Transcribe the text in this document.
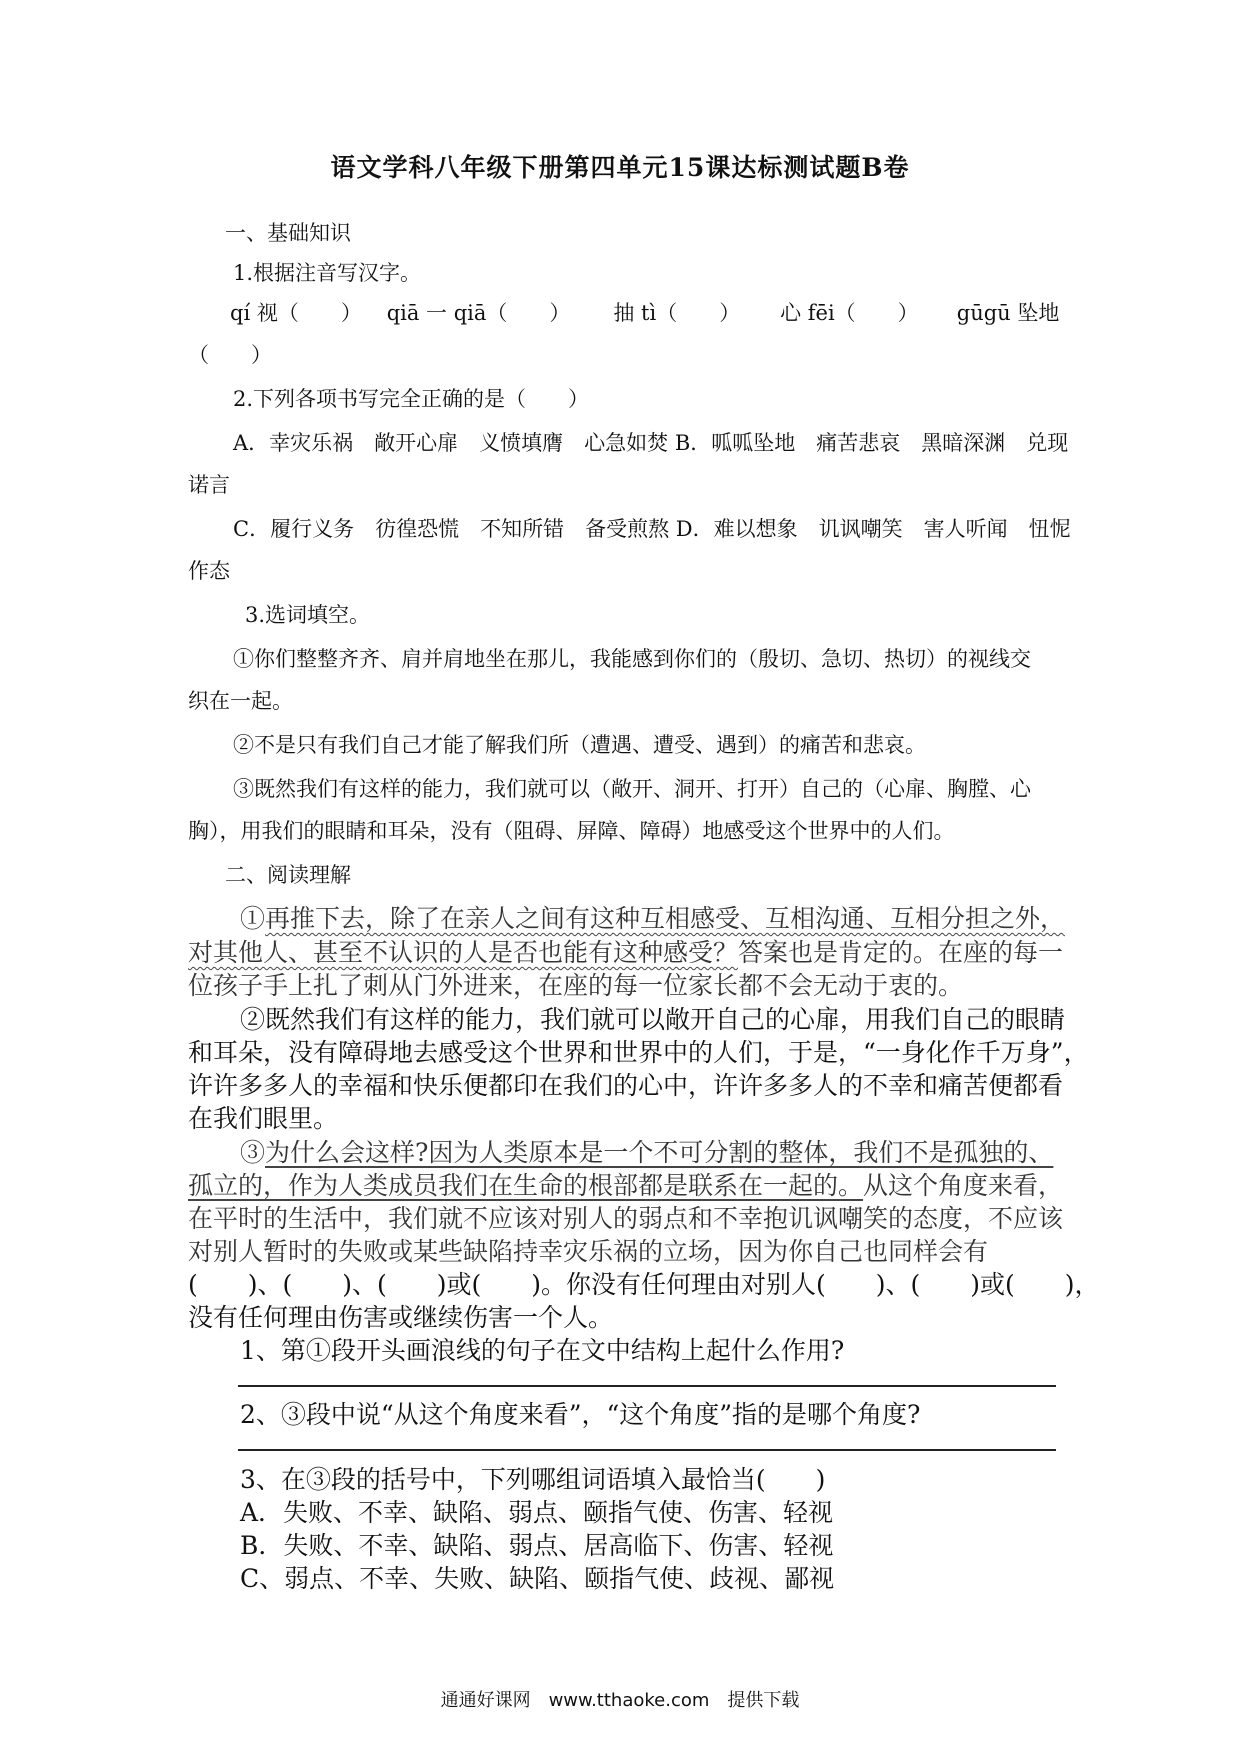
语文学科八年级下册第四单元15课达标测试题B卷
一、基础知识
1.根据注音写汉字。
qí 视（　　） qiā 一 qiā（　　） 抽 tì（　　） 心 fēi（　　） gūgū 坠地
（　　）
2.下列各项书写完全正确的是（　　）
A．幸灾乐祸　敞开心扉　义愤填膺　心急如焚 B．呱呱坠地　痛苦悲哀　黑暗深渊　兑现
诺言
C．履行义务　彷徨恐慌　不知所错　备受煎熬 D．难以想象　讥讽嘲笑　害人听闻　忸怩
作态
3.选词填空。
①你们整整齐齐、肩并肩地坐在那儿，我能感到你们的（殷切、急切、热切）的视线交
织在一起。
②不是只有我们自己才能了解我们所（遭遇、遭受、遇到）的痛苦和悲哀。
③既然我们有这样的能力，我们就可以（敞开、洞开、打开）自己的（心扉、胸膛、心
胸），用我们的眼睛和耳朵，没有（阻碍、屏障、障碍）地感受这个世界中的人们。
二、阅读理解
①再推下去，除了在亲人之间有这种互相感受、互相沟通、互相分担之外，
对其他人、甚至不认识的人是否也能有这种感受？答案也是肯定的。在座的每一
位孩子手上扎了刺从门外进来，在座的每一位家长都不会无动于衷的。
②既然我们有这样的能力，我们就可以敞开自己的心扉，用我们自己的眼睛
和耳朵，没有障碍地去感受这个世界和世界中的人们，于是，“一身化作千万身”，
许许多多人的幸福和快乐便都印在我们的心中，许许多多人的不幸和痛苦便都看
在我们眼里。
③为什么会这样?因为人类原本是一个不可分割的整体，我们不是孤独的、
孤立的，作为人类成员我们在生命的根部都是联系在一起的。从这个角度来看，
在平时的生活中，我们就不应该对别人的弱点和不幸抱讥讽嘲笑的态度，不应该
对别人暂时的失败或某些缺陷持幸灾乐祸的立场，因为你自己也同样会有
(　　)、(　　)、(　　)或(　　)。你没有任何理由对别人(　　)、(　　)或(　　)，
没有任何理由伤害或继续伤害一个人。
1、第①段开头画浪线的句子在文中结构上起什么作用?
2、③段中说“从这个角度来看”，“这个角度”指的是哪个角度?
3、在③段的括号中，下列哪组词语填入最恰当(　　)
A．失败、不幸、缺陷、弱点、颐指气使、伤害、轻视
B．失败、不幸、缺陷、弱点、居高临下、伤害、轻视
C、弱点、不幸、失败、缺陷、颐指气使、歧视、鄙视
通通好课网　www.tthaoke.com　提供下载
